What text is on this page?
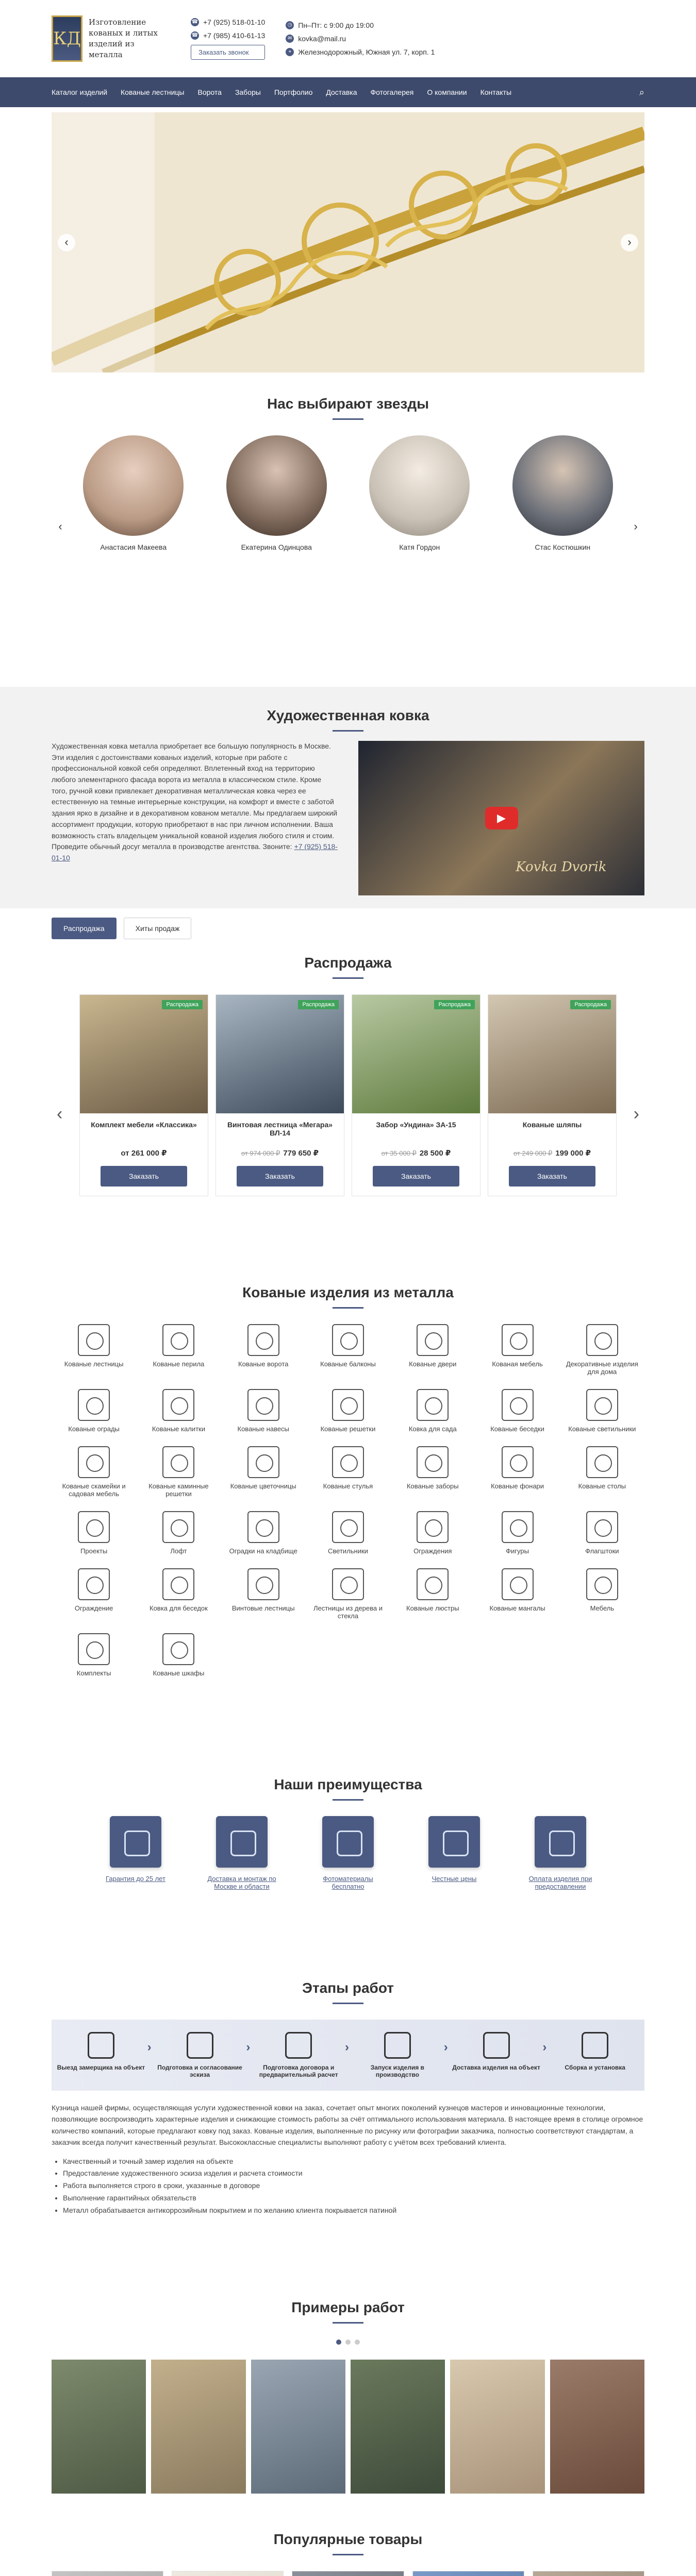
КД
Изготовление кованых и литых изделий из металла
☎ +7 (925) 518-01-10
☎ +7 (985) 410-61-13
Заказать звонок
◷ Пн–Пт: с 9:00 до 19:00
✉ kovka@mail.ru
⌖ Железнодорожный, Южная ул. 7, корп. 1
Каталог изделий Кованые лестницы Ворота Заборы Портфолио Доставка Фотогалерея О компании Контакты	⌕
‹	›
Нас выбирают звезды
Анастасия Макеева	Екатерина Одинцова	Катя Гордон	Стас Костюшкин
‹	›
Художественная ковка
Художественная ковка металла приобретает все большую популярность в Москве. Эти изделия с достоинствами кованых изделий, которые при работе с профессиональной ковкой себя определяют. Вплетенный вход на территорию любого элементарного фасада ворота из металла в классическом стиле. Кроме того, ручной ковки привлекает декоративная металлическая ковка через ее естественную на темные интерьерные конструкции, на комфорт и вместе с заботой здания ярко в дизайне и в декоративном кованом металле. Мы предлагаем широкий ассортимент продукции, которую приобретают в нас при личном исполнении. Ваша возможность стать владельцем уникальной кованой изделия любого стиля и стоим. Проведите обычный досуг металла в производстве агентства. Звоните: +7 (925) 518-01-10
▶
Kovka Dvorik
Распродажа	Хиты продаж
Распродажа
‹	›
Распродажа
Комплект мебели «Классика»
от 261 000 ₽
Заказать
Распродажа
Винтовая лестница «Мегара» ВЛ-14
от 974 000 ₽ 779 650 ₽
Заказать
Распродажа
Забор «Ундина» ЗА-15
от 35 000 ₽ 28 500 ₽
Заказать
Распродажа
Кованые шляпы
от 249 000 ₽ 199 000 ₽
Заказать
Кованые изделия из металла
Кованые лестницы	Кованые перила	Кованые ворота	Кованые балконы	Кованые двери	Кованая мебель	Декоративные изделия для дома
Кованые ограды	Кованые калитки	Кованые навесы	Кованые решетки	Ковка для сада	Кованые беседки	Кованые светильники
Кованые скамейки и садовая мебель
Кованые каминные решетки
Кованые цветочницы	Кованые стулья	Кованые заборы	Кованые фонари	Кованые столы
Проекты	Лофт	Оградки на кладбище	Светильники	Ограждения	Фигуры	Флагштоки
Ограждение	Ковка для беседок	Винтовые лестницы	Лестницы из дерева и стекла
Кованые люстры	Кованые мангалы	Мебель
Комплекты	Кованые шкафы
Наши преимущества
Гарантия до 25 лет	Доставка и монтаж по Москве и области
Фотоматериалы бесплатно
Честные цены	Оплата изделия при предоставлении
Этапы работ
Выезд замерщика на объект	› Подготовка и согласование эскиза
› Подготовка договора и предварительный расчет
› Запуск изделия в производство
› Доставка изделия на объект	› Сборка и установка
Кузница нашей фирмы, осуществляющая услуги художественной ковки на заказ, сочетает опыт многих поколений кузнецов мастеров и инновационные технологии, позволяющие воспроизводить характерные изделия и снижающие стоимость работы за счёт оптимального использования материала. В настоящее время в столице огромное количество компаний, которые предлагают ковку под заказ. Кованые изделия, выполненные по рисунку или фотографии заказчика, полностью соответствуют стандартам, а заказчик всегда получит качественный результат. Высококлассные специалисты выполняют работу с учётом всех требований клиента.
• Качественный и точный замер изделия на объекте
• Предоставление художественного эскиза изделия и расчета стоимости
• Работа выполняется строго в сроки, указанные в договоре
• Выполнение гарантийных обязательств
• Металл обрабатывается антикоррозийным покрытием и по желанию клиента покрывается патиной
Примеры работ
Популярные товары
